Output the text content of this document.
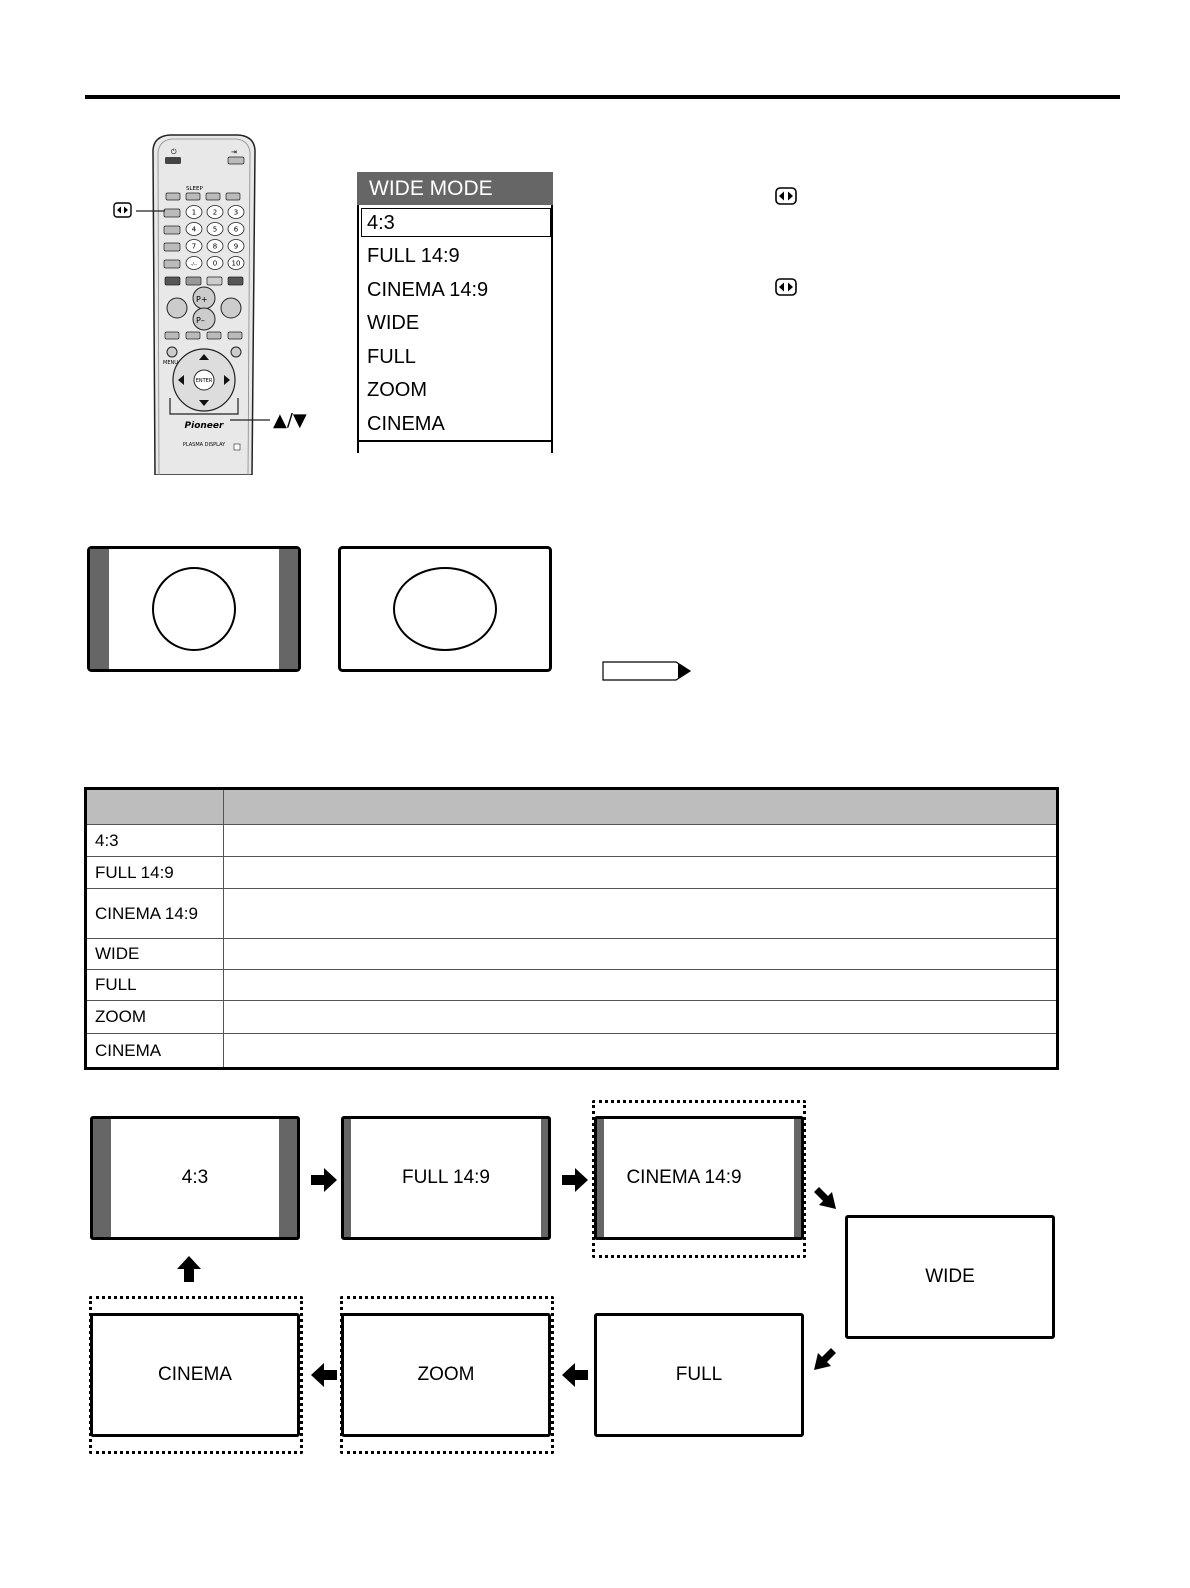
⏻	⇥
SLEEP
1 2 3
4 5 6
7 8 9
-/-- 0 10
P+
P–
MENU
ENTER
▲/▼
Pioneer
PLASMA DISPLAY
WIDE MODE
4:3
FULL 14:9
CINEMA 14:9
WIDE
FULL
ZOOM
CINEMA

4:3	
FULL 14:9	
CINEMA 14:9	
WIDE	
FULL	
ZOOM	
CINEMA	
4:3	FULL 14:9	CINEMA 14:9
WIDE
FULL
ZOOM
CINEMA
